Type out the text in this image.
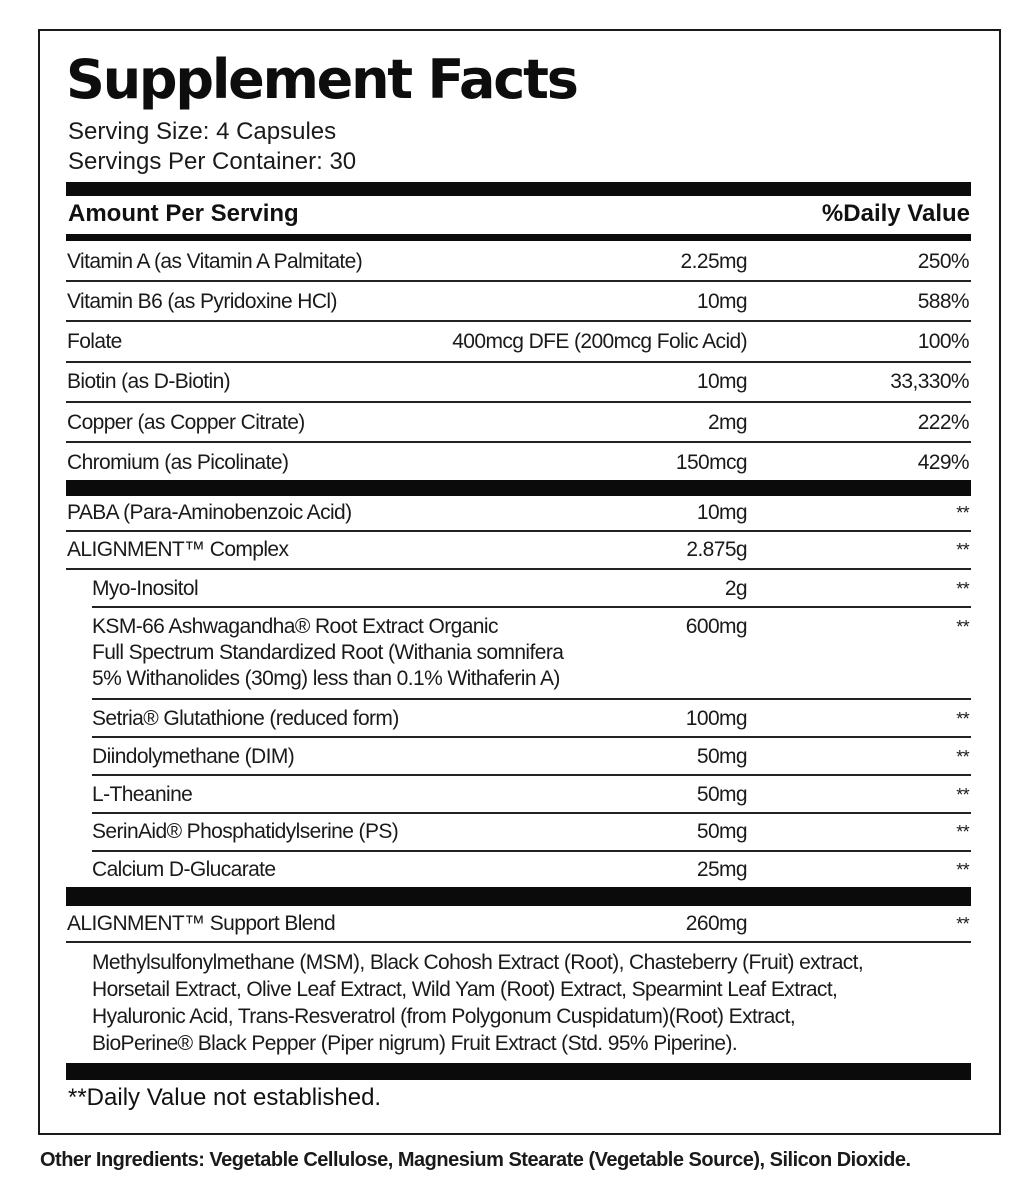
Supplement Facts
Serving Size: 4 Capsules
Servings Per Container: 30
Amount Per Serving	%Daily Value
Vitamin A (as Vitamin A Palmitate)	2.25mg	250%
Vitamin B6 (as Pyridoxine HCl)	10mg	588%
Folate	400mcg DFE (200mcg Folic Acid)	100%
Biotin (as D-Biotin)	10mg	33,330%
Copper (as Copper Citrate)	2mg	222%
Chromium (as Picolinate)	150mcg	429%
PABA (Para-Aminobenzoic Acid)	10mg	**
ALIGNMENT™ Complex	2.875g	**
Myo-Inositol	2g	**
KSM-66 Ashwagandha® Root Extract Organic
Full Spectrum Standardized Root (Withania somnifera
5% Withanolides (30mg) less than 0.1% Withaferin A)
600mg	**
Setria® Glutathione (reduced form)	100mg	**
Diindolymethane (DIM)	50mg	**
L-Theanine	50mg	**
SerinAid® Phosphatidylserine (PS)	50mg	**
Calcium D-Glucarate	25mg	**
ALIGNMENT™ Support Blend	260mg	**
Methylsulfonylmethane (MSM), Black Cohosh Extract (Root), Chasteberry (Fruit) extract,
Horsetail Extract, Olive Leaf Extract, Wild Yam (Root) Extract, Spearmint Leaf Extract,
Hyaluronic Acid, Trans-Resveratrol (from Polygonum Cuspidatum)(Root) Extract,
BioPerine® Black Pepper (Piper nigrum) Fruit Extract (Std. 95% Piperine).
**Daily Value not established.
Other Ingredients: Vegetable Cellulose, Magnesium Stearate (Vegetable Source), Silicon Dioxide.
